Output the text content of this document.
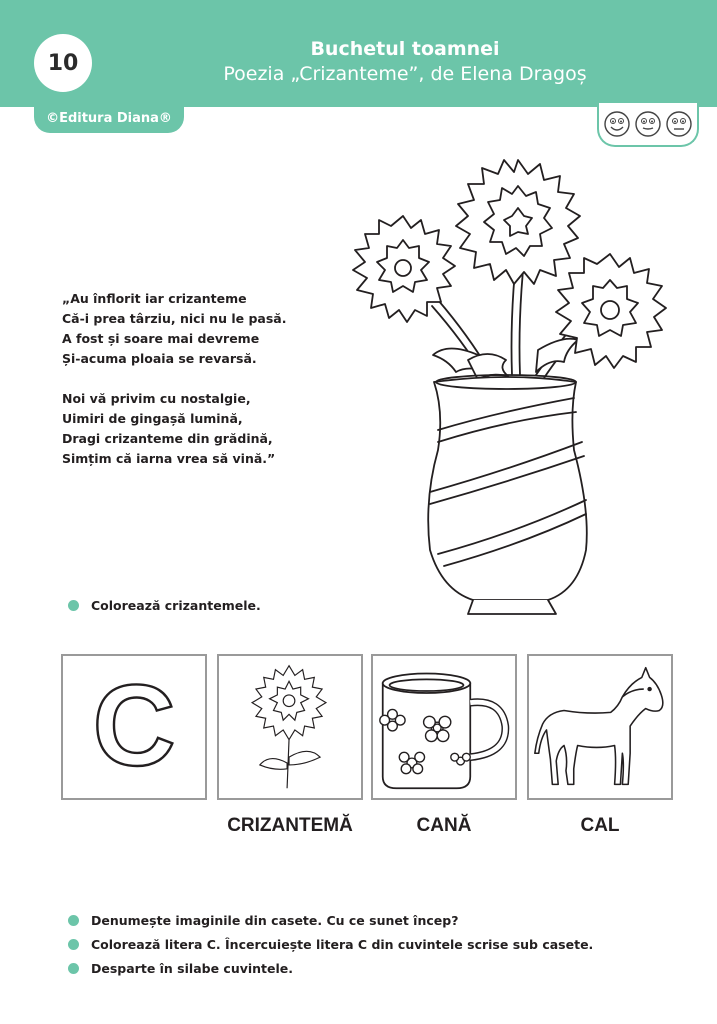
10
Buchetul toamnei
Poezia „Crizanteme”, de Elena Dragoș
©Editura Diana®

„Au înflorit iar crizanteme

Că-i prea târziu, nici nu le pasă.

A fost și soare mai devreme

Și-acuma ploaia se revarsă.

Noi vă privim cu nostalgie,

Uimiri de gingașă lumină,

Dragi crizanteme din grădină,

Simțim că iarna vrea să vină.”

Colorează crizantemele.
C
CRIZANTEMĂ	CANĂ	CAL
Denumește imaginile din casete. Cu ce sunet încep?
Colorează litera C. Încercuiește litera C din cuvintele scrise sub casete.
Desparte în silabe cuvintele.
